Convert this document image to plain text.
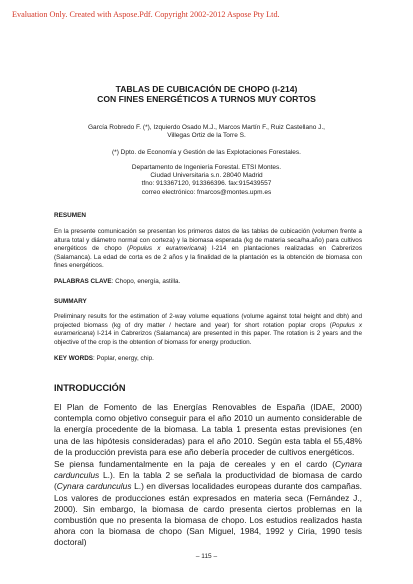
Evaluation Only. Created with Aspose.Pdf. Copyright 2002-2012 Aspose Pty Ltd.
TABLAS DE CUBICACIÓN DE CHOPO (I-214)
CON FINES ENERGÉTICOS A TURNOS MUY CORTOS
García Robredo F. (*), Izquierdo Osado M.J., Marcos Martín F., Ruiz Castellano J.,
Villegas Ortiz de la Torre S.
(*) Dpto. de Economía y Gestión de las Explotaciones Forestales.
Departamento de Ingeniería Forestal. ETSI Montes.
Ciudad Universitaria s.n. 28040 Madrid
tfno: 913367120, 913366396. fax:915439557
correo electrónico: fmarcos@montes.upm.es
RESUMEN

En la presente comunicación se presentan los primeros datos de las tablas de cubicación (volumen frente a altura total y diámetro normal con corteza) y la biomasa esperada (kg de materia seca/ha.año) para cultivos energéticos de chopo (Populus x euramericana) I-214 en plantaciones realizadas en Cabrerizos (Salamanca). La edad de corta es de 2 años y la finalidad de la plantación es la obtención de biomasa con fines energéticos.

PALABRAS CLAVE: Chopo, energía, astilla.

SUMMARY

Preliminary results for the estimation of 2-way volume equations (volume against total height and dbh) and projected biomass (kg of dry matter / hectare and year) for short rotation poplar crops (Populus x euramericana) I-214 in Cabrerizos (Salamanca) are presented in this paper. The rotation is 2 years and the objective of the crop is the obtention of biomass for energy production.

KEY WORDS: Poplar, energy, chip.

INTRODUCCIÓN

El Plan de Fomento de las Energías Renovables de España (IDAE, 2000) contempla como objetivo conseguir para el año 2010 un aumento considerable de la energía procedente de la biomasa. La tabla 1 presenta estas previsiones (en una de las hipótesis consideradas) para el año 2010. Según esta tabla el 55,48% de la producción prevista para ese año debería proceder de cultivos energéticos.

Se piensa fundamentalmente en la paja de cereales y en el cardo (Cynara cardunculus L.). En la tabla 2 se señala la productividad de biomasa de cardo (Cynara cardunculus L.) en diversas localidades europeas durante dos campañas. Los valores de producciones están expresados en materia seca (Fernández J., 2000). Sin embargo, la biomasa de cardo presenta ciertos problemas en la combustión que no presenta la biomasa de chopo. Los estudios realizados hasta ahora con la biomasa de chopo (San Miguel, 1984, 1992 y Ciria, 1990 tesis doctoral)

– 115 –
